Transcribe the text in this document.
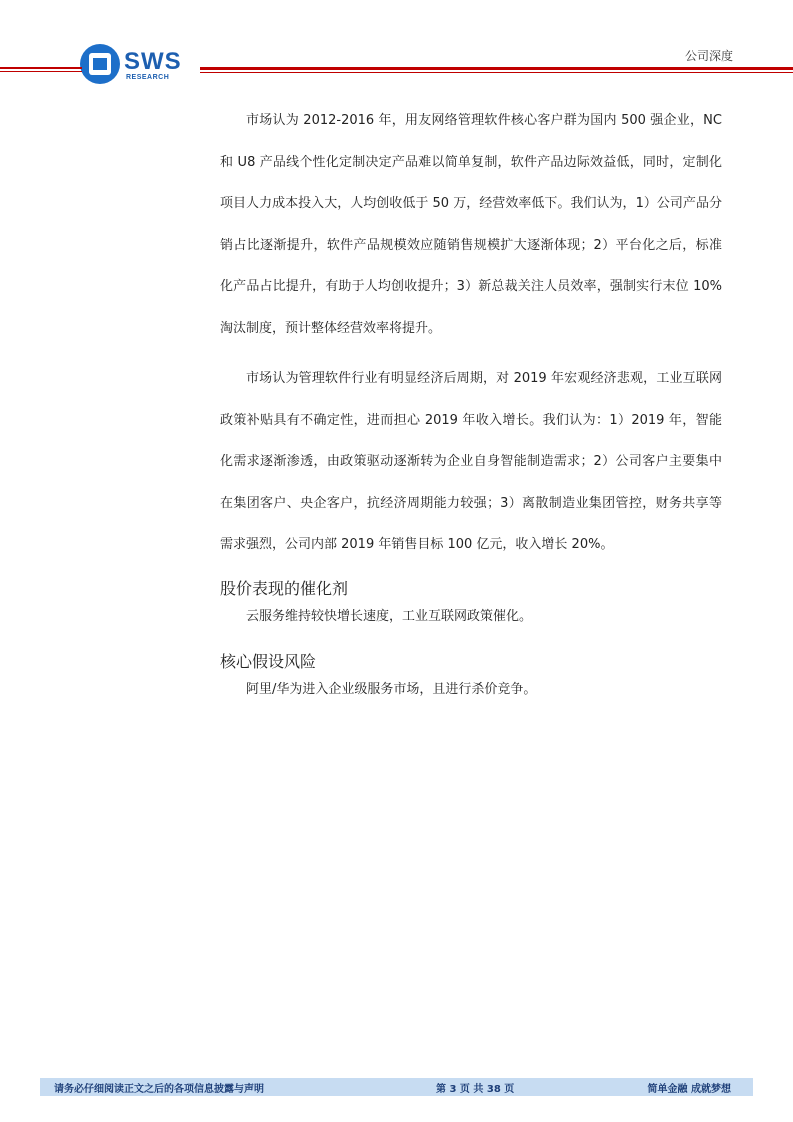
SWS
RESEARCH
公司深度

市场认为 2012-2016 年，用友网络管理软件核心客户群为国内 500 强企业，NC 和 U8 产品线个性化定制决定产品难以简单复制，软件产品边际效益低，同时，定制化项目人力成本投入大，人均创收低于 50 万，经营效率低下。我们认为，1）公司产品分销占比逐渐提升，软件产品规模效应随销售规模扩大逐渐体现；2）平台化之后，标准化产品占比提升，有助于人均创收提升；3）新总裁关注人员效率，强制实行末位 10% 淘汰制度，预计整体经营效率将提升。

市场认为管理软件行业有明显经济后周期，对 2019 年宏观经济悲观，工业互联网政策补贴具有不确定性，进而担心 2019 年收入增长。我们认为：1）2019 年，智能化需求逐渐渗透，由政策驱动逐渐转为企业自身智能制造需求；2）公司客户主要集中在集团客户、央企客户，抗经济周期能力较强；3）离散制造业集团管控，财务共享等需求强烈，公司内部 2019 年销售目标 100 亿元，收入增长 20%。

股价表现的催化剂
云服务维持较快增长速度，工业互联网政策催化。
核心假设风险
阿里/华为进入企业级服务市场，且进行杀价竞争。
请务必仔细阅读正文之后的各项信息披露与声明	第 3 页 共 38 页	简单金融 成就梦想
